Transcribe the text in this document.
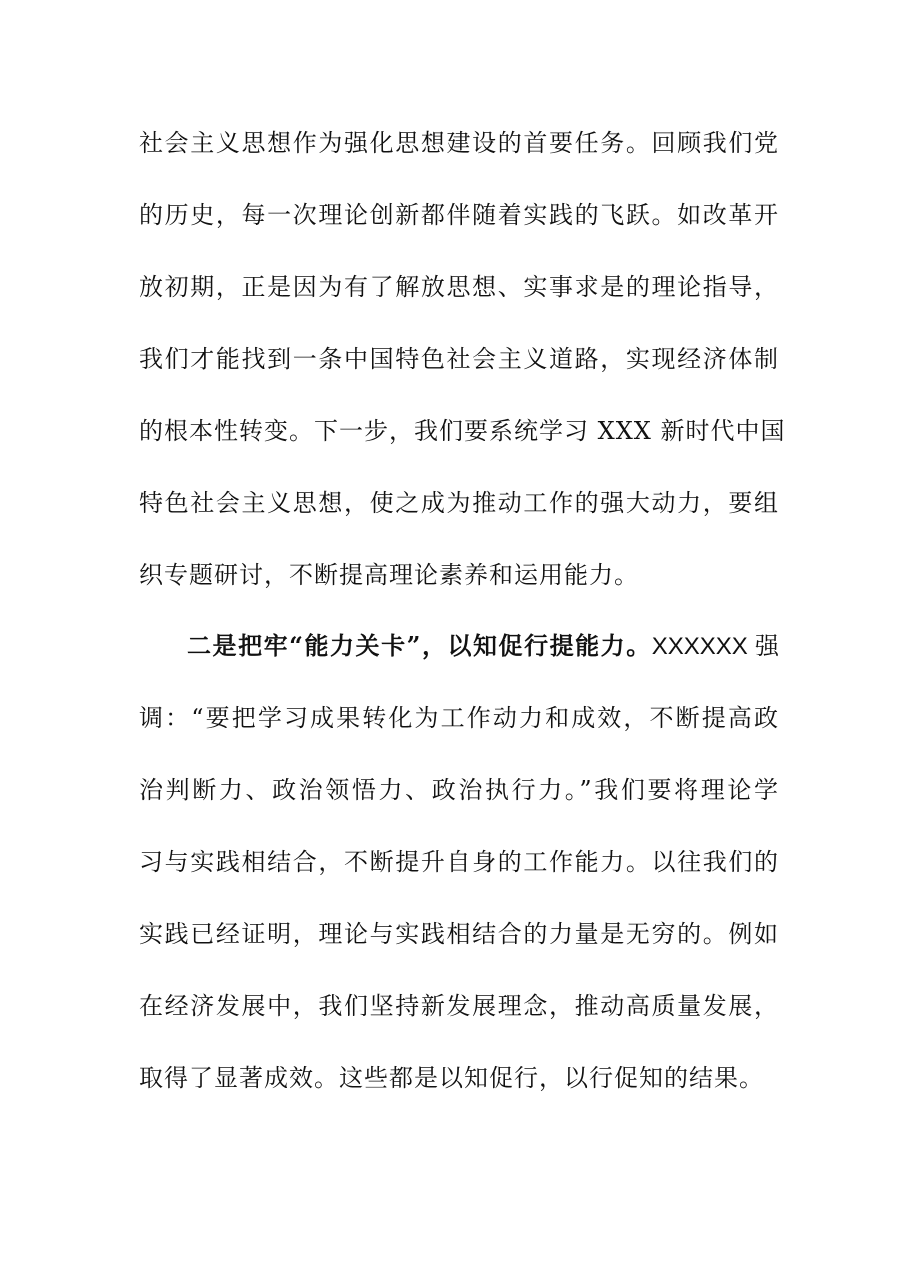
社会主义思想作为强化思想建设的首要任务。回顾我们党
的历史，每一次理论创新都伴随着实践的飞跃。如改革开
放初期，正是因为有了解放思想、实事求是的理论指导，
我们才能找到一条中国特色社会主义道路，实现经济体制
的根本性转变。下一步，我们要系统学习 XXX 新时代中国
特色社会主义思想，使之成为推动工作的强大动力，要组
织专题研讨，不断提高理论素养和运用能力。
二是把牢“能力关卡”，以知促行提能力。XXXXXX 强
调：“要把学习成果转化为工作动力和成效，不断提高政
治判断力、政治领悟力、政治执行力。”我们要将理论学
习与实践相结合，不断提升自身的工作能力。以往我们的
实践已经证明，理论与实践相结合的力量是无穷的。例如
在经济发展中，我们坚持新发展理念，推动高质量发展，
取得了显著成效。这些都是以知促行，以行促知的结果。
